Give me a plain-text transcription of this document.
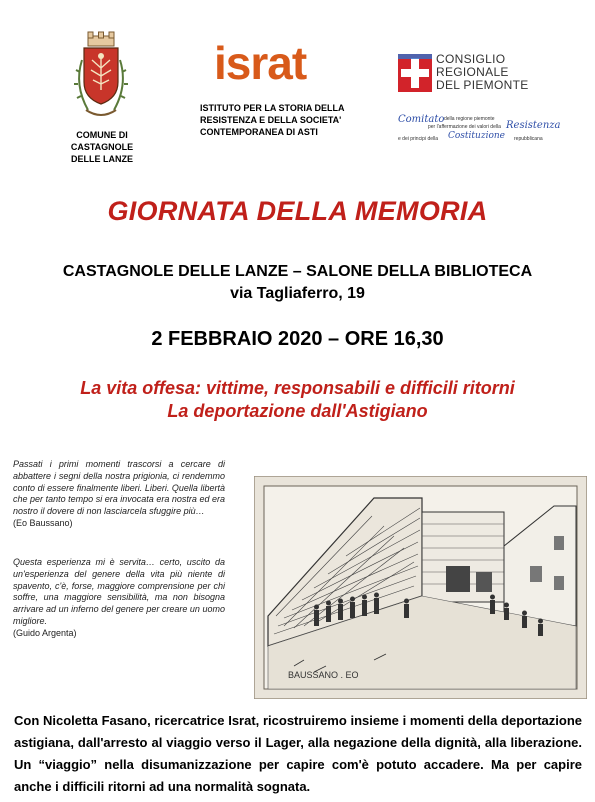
COMUNE DI
CASTAGNOLE
DELLE LANZE
israt
ISTITUTO PER LA STORIA DELLA
RESISTENZA E DELLA SOCIETA'
CONTEMPORANEA DI ASTI
CONSIGLIO
REGIONALE
DEL PIEMONTE
Comitato della regione piemonte
per l'affermazione dei valori della Resistenza
e dei principi della Costituzione repubblicana
GIORNATA DELLA MEMORIA
CASTAGNOLE DELLE LANZE – SALONE DELLA BIBLIOTECA
via Tagliaferro, 19
2 FEBBRAIO 2020 – ORE 16,30
La vita offesa: vittime, responsabili e difficili ritorni
La deportazione dall'Astigiano
Passati i primi momenti trascorsi a cercare di abbattere i segni della nostra prigionia, ci rendemmo conto di essere finalmente liberi. Liberi. Quella libertà che per tanto tempo si era invocata era nostra ed era nostro il dovere di non lasciarcela sfuggire più…
(Eo Baussano)
Questa esperienza mi è servita… certo, uscito da un'esperienza del genere della vita più niente di spavento, c'è, forse, maggiore comprensione per chi soffre, una maggiore sensibilità, ma non bisogna arrivare ad un inferno del genere per creare un uomo migliore.
(Guido Argenta)
BAUSSANO . EO
Con Nicoletta Fasano, ricercatrice Israt, ricostruiremo insieme i momenti della deportazione astigiana, dall'arresto al viaggio verso il Lager, alla negazione della dignità, alla liberazione. Un “viaggio” nella disumanizzazione per capire com'è potuto accadere. Ma per capire anche i difficili ritorni ad una normalità sognata.
